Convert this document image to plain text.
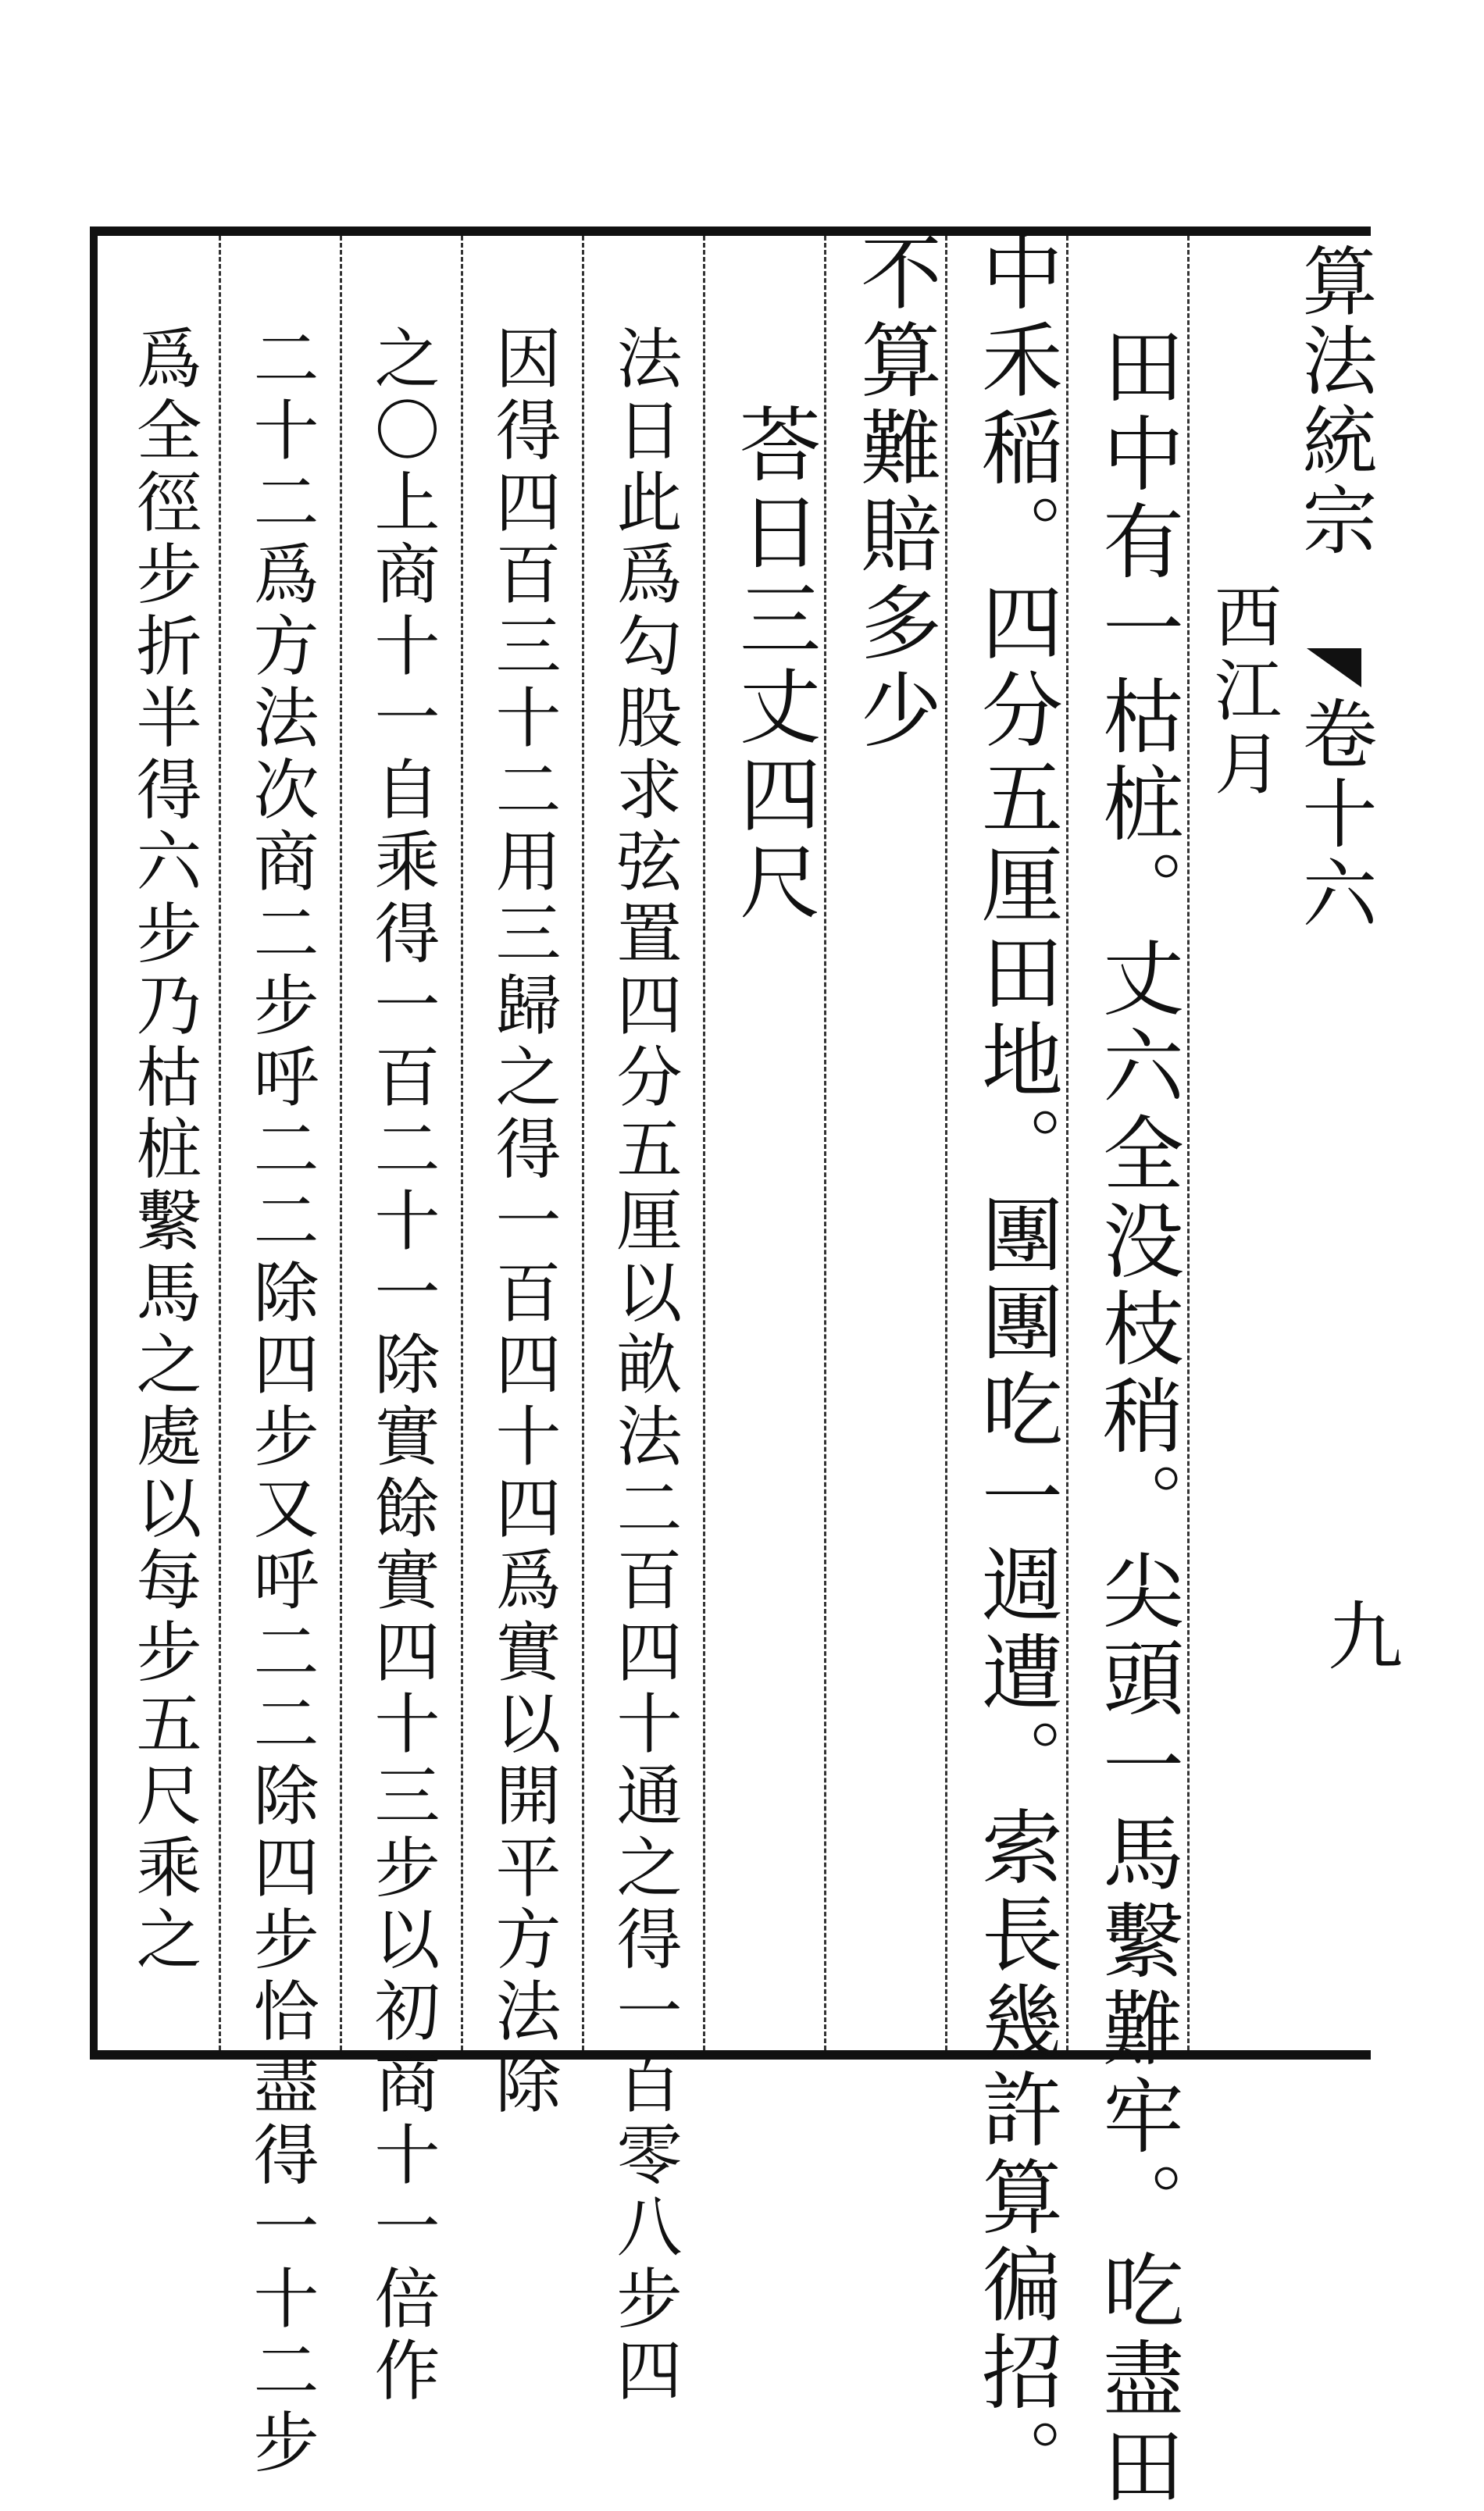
算法統宗
卷十六
九
西江月
田中有一枯桩。丈六全没枝稍。尖頭一馬繫難牢。吃盡田
中禾稲。四分五厘田地。團團吃一週遭。索長幾許算徧招。
不算難賠多少
荅日三丈四尺
法日此爲勾股求弦置四分五厘以畝法二百四十通之得一百零八步四
因得四百三十二用三歸之得一百四十四爲實以開平方法除
之〇上商十一自乘得一百二十一除實餘實四十三步以初商十一倍作
二十二爲方法次商二步呼二二除四步又呼二二除四步恰盡得一十二步
爲全徑步折半得六步乃枯桩繫馬之處以每步五尺乘之
